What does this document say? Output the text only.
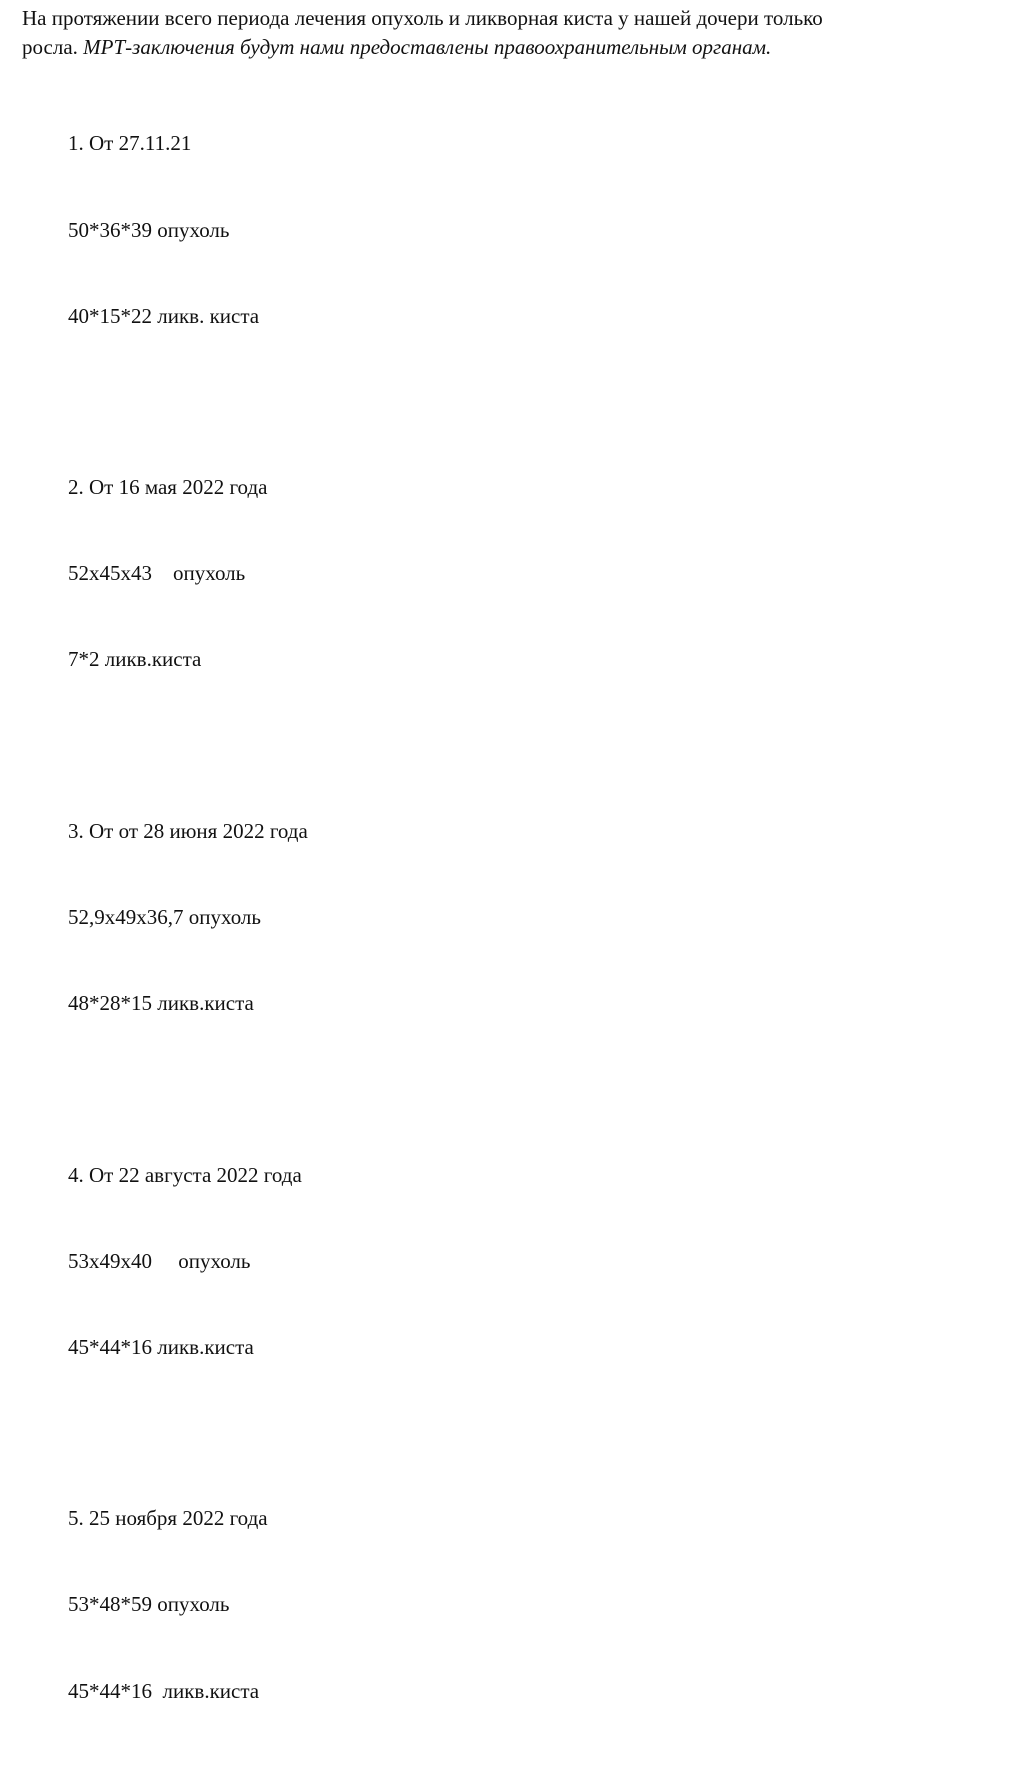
На протяжении всего периода лечения опухоль и ликворная киста у нашей дочери только
росла. МРТ-заключения будут нами предоставлены правоохранительным органам.

1. От 27.11.21

50*36*39 опухоль

40*15*22 ликв. киста

2. От 16 мая 2022 года

52х45х43    опухоль

7*2 ликв.киста

3. От от 28 июня 2022 года

52,9х49х36,7 опухоль

48*28*15 ликв.киста

4. От 22 августа 2022 года

53х49х40     опухоль

45*44*16 ликв.киста

5. 25 ноября 2022 года

53*48*59 опухоль

45*44*16  ликв.киста
